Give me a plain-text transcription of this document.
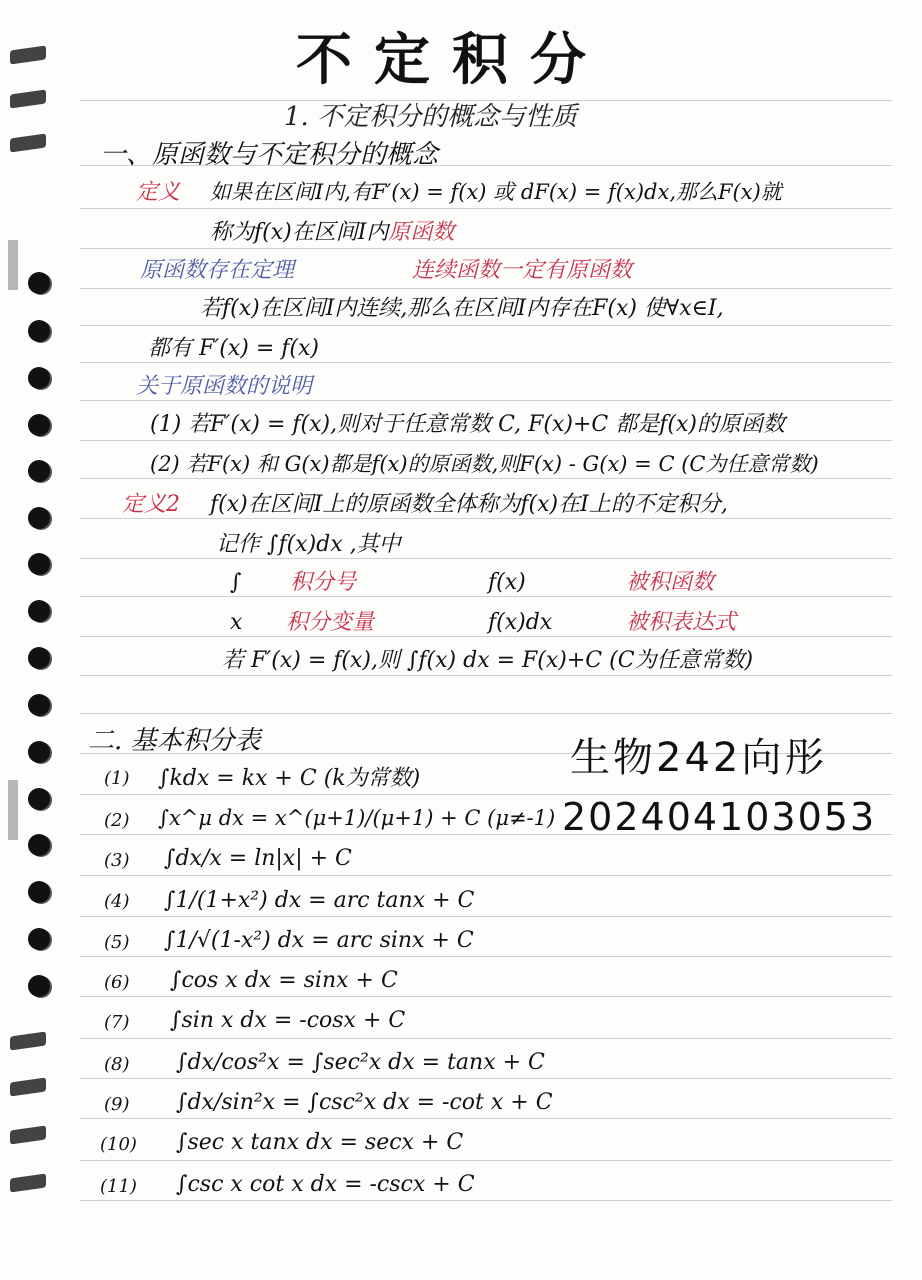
不定积分
1. 不定积分的概念与性质
一、原函数与不定积分的概念
定义 如果在区间I内,有F′(x) = f(x) 或 dF(x) = f(x)dx,那么F(x)就
称为f(x)在区间I内原函数
原函数存在定理	连续函数一定有原函数
若f(x)在区间I内连续,那么在区间I内存在F(x) 使∀x∈I,
都有 F′(x) = f(x)
关于原函数的说明
(1) 若F′(x) = f(x),则对于任意常数 C, F(x)+C 都是f(x)的原函数
(2) 若F(x) 和 G(x)都是f(x)的原函数,则F(x) - G(x) = C (C为任意常数)
定义2 f(x)在区间I上的原函数全体称为f(x)在I上的不定积分,
记作 ∫f(x)dx ,其中
∫ 积分号	f(x)	被积函数
x 积分变量	f(x)dx	被积表达式
若 F′(x) = f(x),则 ∫f(x) dx = F(x)+C (C为任意常数)
二. 基本积分表	生物242向彤
202404103053
(1) ∫kdx = kx + C (k为常数)
(2) ∫x^μ dx = x^(μ+1)/(μ+1) + C (μ≠-1)
(3) ∫dx/x = ln|x| + C
(4) ∫1/(1+x²) dx = arc tanx + C
(5) ∫1/√(1-x²) dx = arc sinx + C
(6) ∫cos x dx = sinx + C
(7) ∫sin x dx = -cosx + C
(8) ∫dx/cos²x = ∫sec²x dx = tanx + C
(9) ∫dx/sin²x = ∫csc²x dx = -cot x + C
(10) ∫sec x tanx dx = secx + C
(11) ∫csc x cot x dx = -cscx + C
